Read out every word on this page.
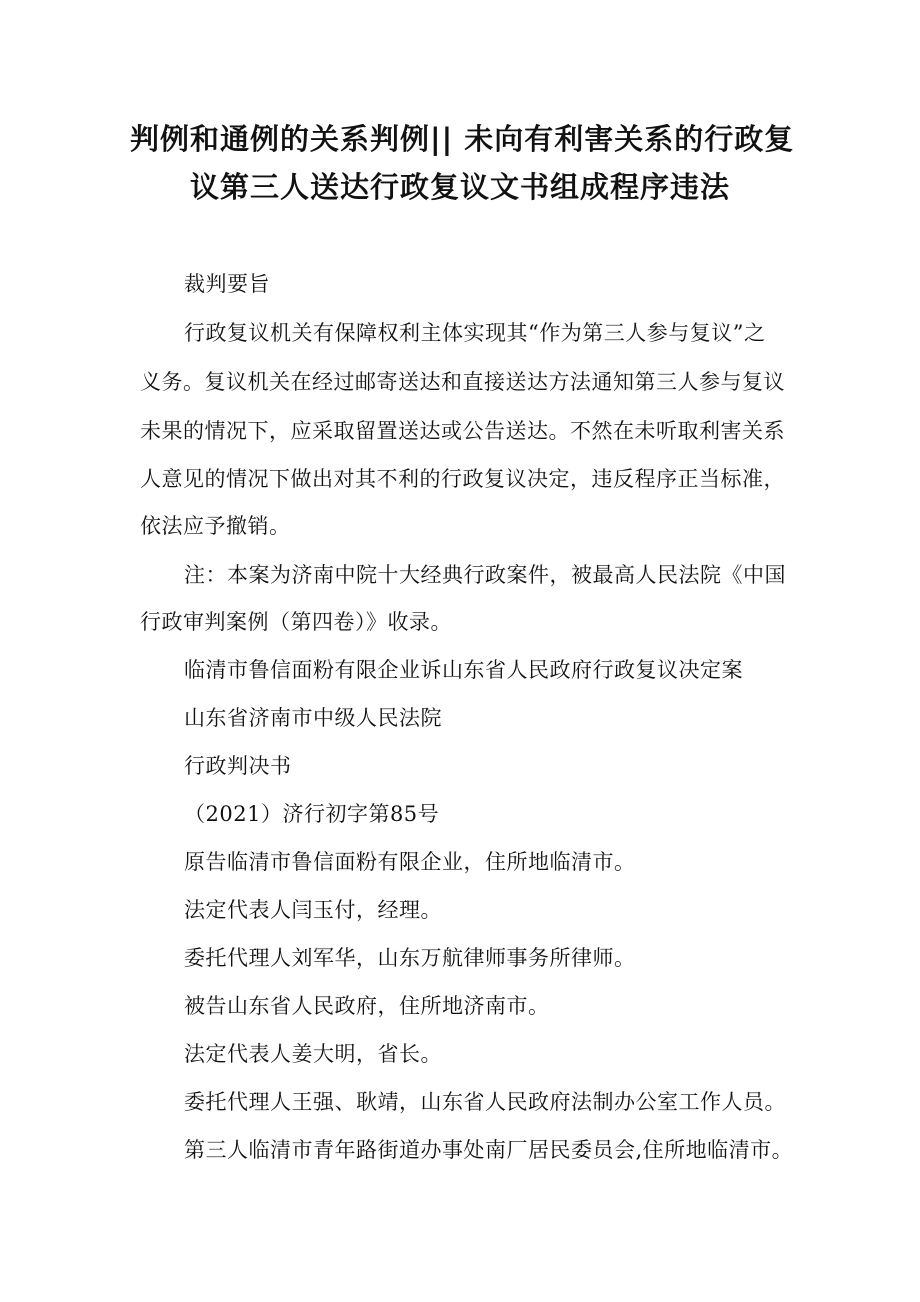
判例和通例的关系判例|| 未向有利害关系的行政复
议第三人送达行政复议文书组成程序违法
裁判要旨
行政复议机关有保障权利主体实现其“作为第三人参与复议”之
义务。复议机关在经过邮寄送达和直接送达方法通知第三人参与复议
未果的情况下，应采取留置送达或公告送达。不然在未听取利害关系
人意见的情况下做出对其不利的行政复议决定，违反程序正当标准，
依法应予撤销。
注：本案为济南中院十大经典行政案件，被最高人民法院《中国
行政审判案例（第四卷）》收录。
临清市鲁信面粉有限企业诉山东省人民政府行政复议决定案
山东省济南市中级人民法院
行政判决书
（2021）济行初字第85号
原告临清市鲁信面粉有限企业，住所地临清市。
法定代表人闫玉付，经理。
委托代理人刘军华，山东万航律师事务所律师。
被告山东省人民政府，住所地济南市。
法定代表人姜大明，省长。
委托代理人王强、耿靖，山东省人民政府法制办公室工作人员。
第三人临清市青年路街道办事处南厂居民委员会,住所地临清市。
